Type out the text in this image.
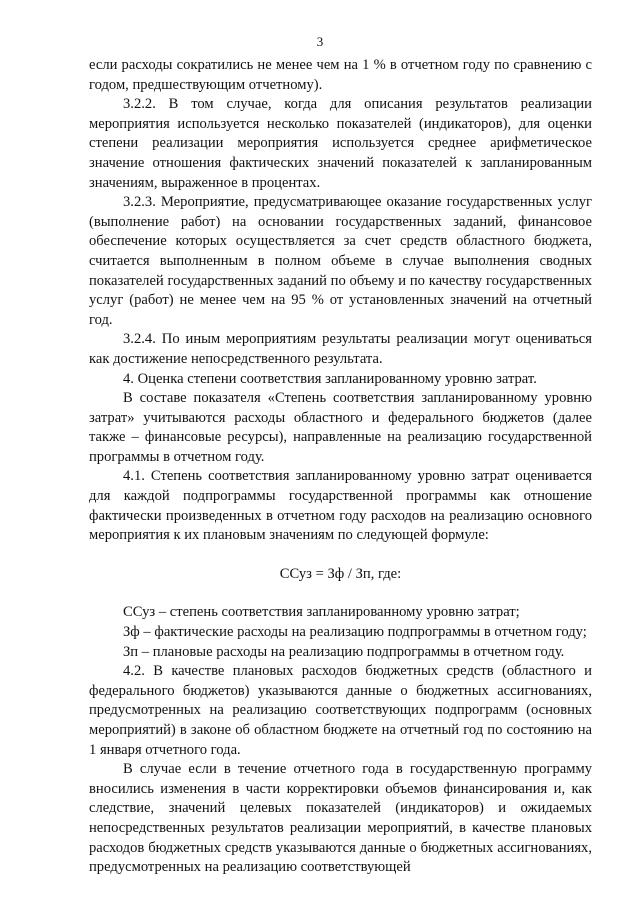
3

если расходы сократились не менее чем на 1 % в отчетном году по сравнению с годом, предшествующим отчетному).

3.2.2. В том случае, когда для описания результатов реализации мероприятия используется несколько показателей (индикаторов), для оценки степени реализации мероприятия используется среднее арифметическое значение отношения фактических значений показателей к запланированным значениям, выраженное в процентах.

3.2.3. Мероприятие, предусматривающее оказание государственных услуг (выполнение работ) на основании государственных заданий, финансовое обеспечение которых осуществляется за счет средств областного бюджета, считается выполненным в полном объеме в случае выполнения сводных показателей государственных заданий по объему и по качеству государственных услуг (работ) не менее чем на 95 % от установленных значений на отчетный год.

3.2.4. По иным мероприятиям результаты реализации могут оцениваться как достижение непосредственного результата.

4. Оценка степени соответствия запланированному уровню затрат.

В составе показателя «Степень соответствия запланированному уровню затрат» учитываются расходы областного и федерального бюджетов (далее также – финансовые ресурсы), направленные на реализацию государственной программы в отчетном году.

4.1. Степень соответствия запланированному уровню затрат оценивается для каждой подпрограммы государственной программы как отношение фактически произведенных в отчетном году расходов на реализацию основного мероприятия к их плановым значениям по следующей формуле:

ССуз = Зф / Зп, где:

ССуз – степень соответствия запланированному уровню затрат;

Зф – фактические расходы на реализацию подпрограммы в отчетном году;

Зп – плановые расходы на реализацию подпрограммы в отчетном году.

4.2. В качестве плановых расходов бюджетных средств (областного и федерального бюджетов) указываются данные о бюджетных ассигнованиях, предусмотренных на реализацию соответствующих подпрограмм (основных мероприятий) в законе об областном бюджете на отчетный год по состоянию на 1 января отчетного года.

В случае если в течение отчетного года в государственную программу вносились изменения в части корректировки объемов финансирования и, как следствие, значений целевых показателей (индикаторов) и ожидаемых непосредственных результатов реализации мероприятий, в качестве плановых расходов бюджетных средств указываются данные о бюджетных ассигнованиях, предусмотренных на реализацию соответствующей
